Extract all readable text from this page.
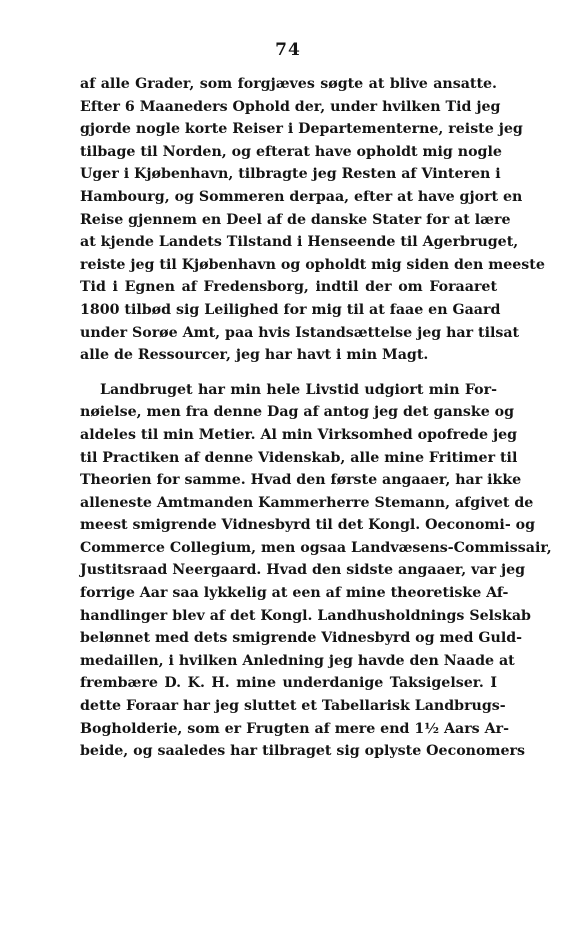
74
af alle Grader, som forgjæves søgte at blive ansatte.
Efter 6 Maaneders Ophold der, under hvilken Tid jeg
gjorde nogle korte Reiser i Departementerne, reiste jeg
tilbage til Norden, og efterat have opholdt mig nogle
Uger i Kjøbenhavn, tilbragte jeg Resten af Vinteren i
Hambourg, og Sommeren derpaa, efter at have gjort en
Reise gjennem en Deel af de danske Stater for at lære
at kjende Landets Tilstand i Henseende til Agerbruget,
reiste jeg til Kjøbenhavn og opholdt mig siden den meeste
Tid i Egnen af Fredensborg, indtil der om Foraaret
1800 tilbød sig Leilighed for mig til at faae en Gaard
under Sorøe Amt, paa hvis Istandsættelse jeg har tilsat
alle de Ressourcer, jeg har havt i min Magt.
Landbruget har min hele Livstid udgiort min For-
nøielse, men fra denne Dag af antog jeg det ganske og
aldeles til min Metier. Al min Virksomhed opofrede jeg
til Practiken af denne Videnskab, alle mine Fritimer til
Theorien for samme. Hvad den første angaaer, har ikke
alleneste Amtmanden Kammerherre Stemann, afgivet de
meest smigrende Vidnesbyrd til det Kongl. Oeconomi- og
Commerce Collegium, men ogsaa Landvæsens-Commissair,
Justitsraad Neergaard. Hvad den sidste angaaer, var jeg
forrige Aar saa lykkelig at een af mine theoretiske Af-
handlinger blev af det Kongl. Landhusholdnings Selskab
belønnet med dets smigrende Vidnesbyrd og med Guld-
medaillen, i hvilken Anledning jeg havde den Naade at
frembære D. K. H. mine underdanige Taksigelser. I
dette Foraar har jeg sluttet et Tabellarisk Landbrugs-
Bogholderie, som er Frugten af mere end 1½ Aars Ar-
beide, og saaledes har tilbraget sig oplyste Oeconomers
